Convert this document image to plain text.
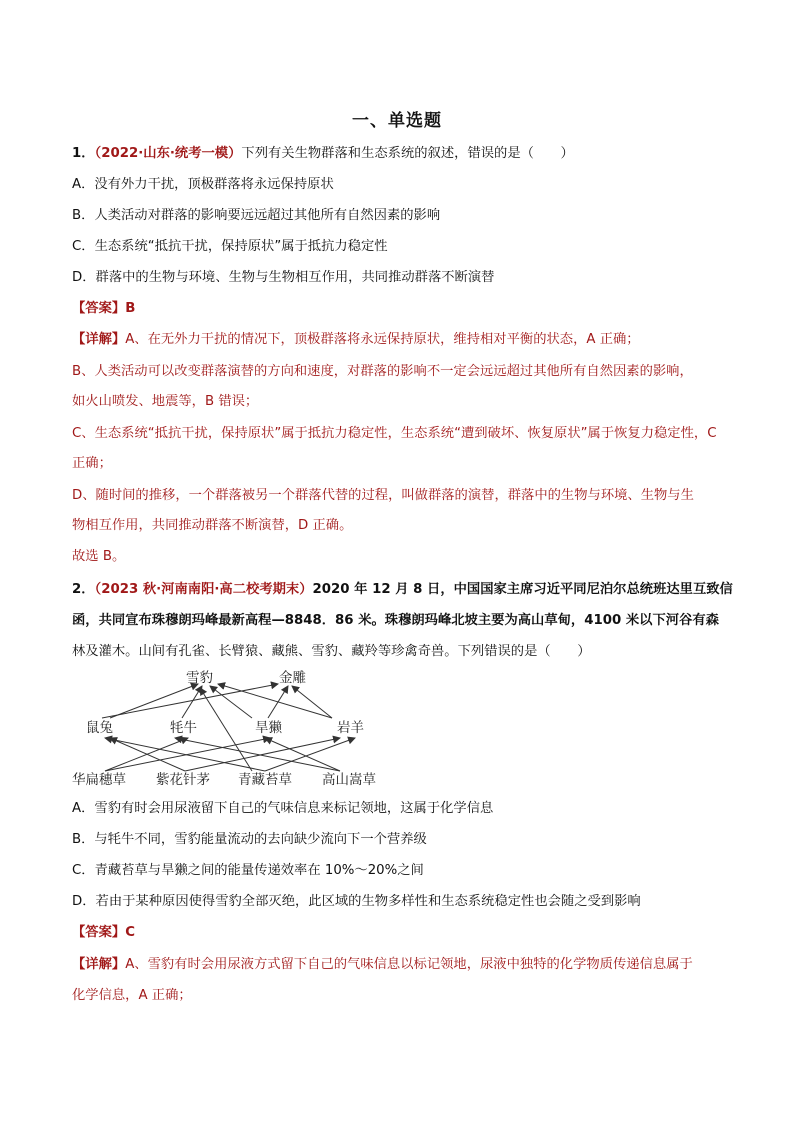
一、单选题
1．（2022·山东·统考一模）下列有关生物群落和生态系统的叙述，错误的是（　　）
A．没有外力干扰，顶极群落将永远保持原状
B．人类活动对群落的影响要远远超过其他所有自然因素的影响
C．生态系统“抵抗干扰，保持原状”属于抵抗力稳定性
D．群落中的生物与环境、生物与生物相互作用，共同推动群落不断演替
【答案】B
【详解】A、在无外力干扰的情况下，顶极群落将永远保持原状，维持相对平衡的状态，A 正确；
B、人类活动可以改变群落演替的方向和速度，对群落的影响不一定会远远超过其他所有自然因素的影响，
如火山喷发、地震等，B 错误；
C、生态系统“抵抗干扰，保持原状”属于抵抗力稳定性，生态系统“遭到破坏、恢复原状”属于恢复力稳定性，C
正确；
D、随时间的推移，一个群落被另一个群落代替的过程，叫做群落的演替，群落中的生物与环境、生物与生
物相互作用，共同推动群落不断演替，D 正确。
故选 B。
2．（2023 秋·河南南阳·高二校考期末）2020 年 12 月 8 日，中国国家主席习近平同尼泊尔总统班达里互致信
函，共同宣布珠穆朗玛峰最新高程—8848．86 米。珠穆朗玛峰北坡主要为高山草甸，4100 米以下河谷有森
林及灌木。山间有孔雀、长臂猿、藏熊、雪豹、藏羚等珍禽奇兽。下列错误的是（　　）
雪豹	金雕
鼠兔	牦牛	旱獭	岩羊
华扁穗草 紫花针茅 青藏苔草 高山嵩草
A．雪豹有时会用尿液留下自己的气味信息来标记领地，这属于化学信息
B．与牦牛不同，雪豹能量流动的去向缺少流向下一个营养级
C．青藏苔草与旱獭之间的能量传递效率在 10%～20%之间
D．若由于某种原因使得雪豹全部灭绝，此区域的生物多样性和生态系统稳定性也会随之受到影响
【答案】C
【详解】A、雪豹有时会用尿液方式留下自己的气味信息以标记领地，尿液中独特的化学物质传递信息属于
化学信息，A 正确；
